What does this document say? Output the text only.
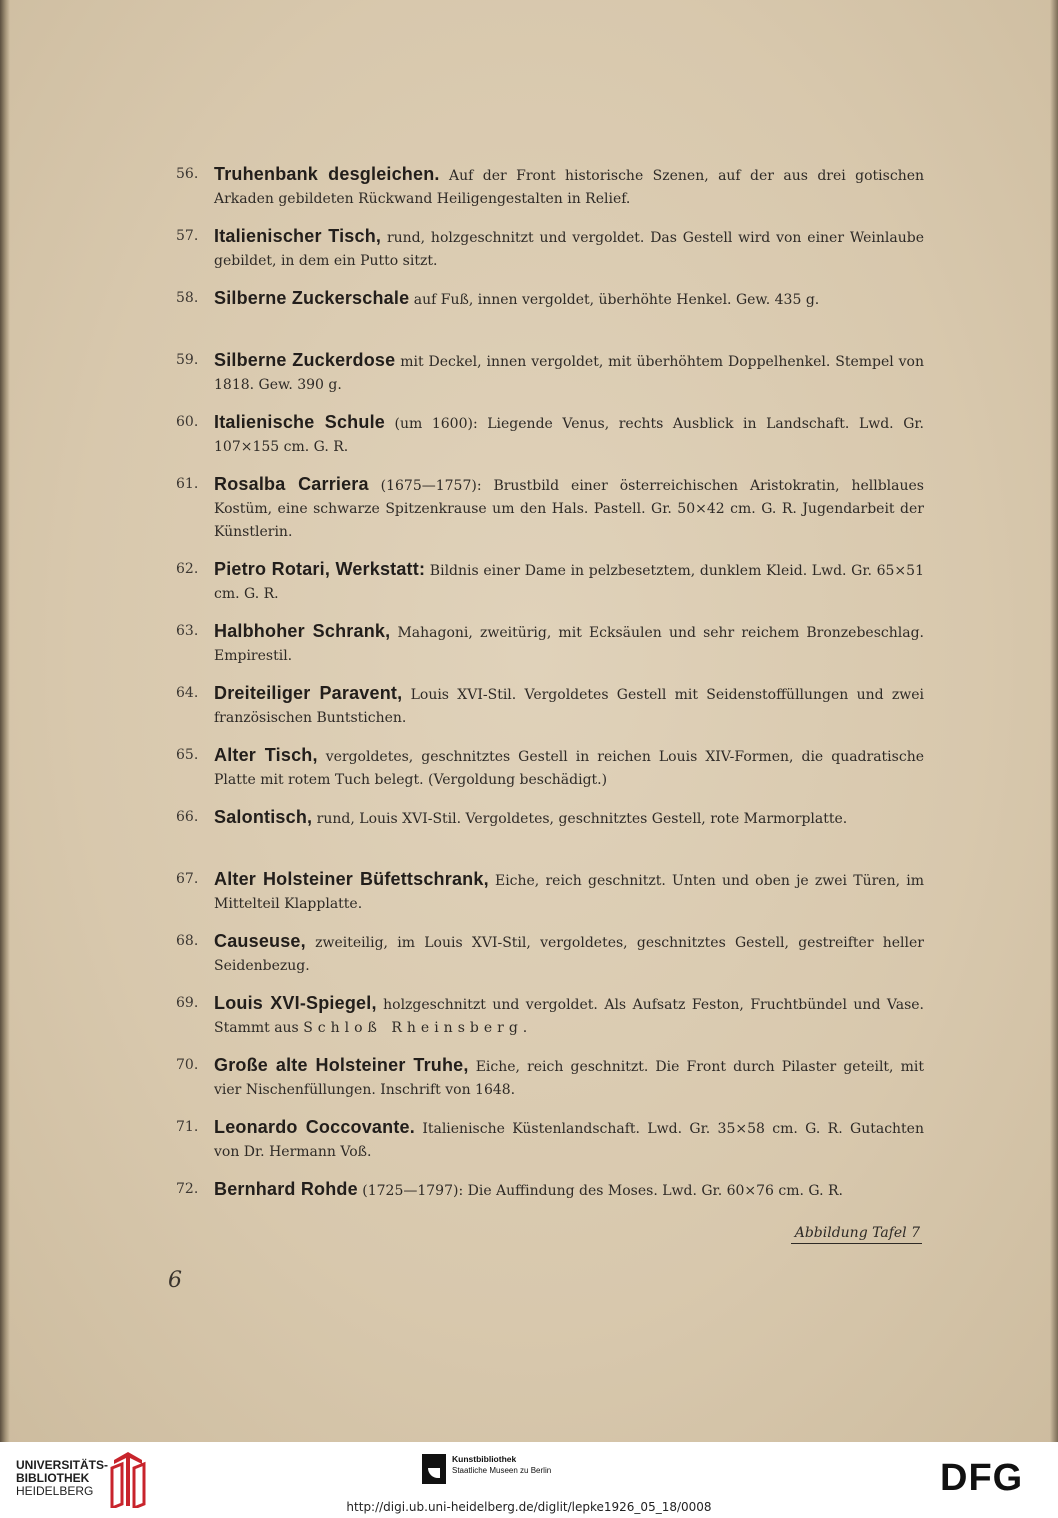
56. Truhenbank desgleichen. Auf der Front historische Szenen, auf der aus drei gotischen Arkaden gebildeten Rückwand Heiligengestalten in Relief.
57. Italienischer Tisch, rund, holzgeschnitzt und vergoldet. Das Gestell wird von einer Weinlaube gebildet, in dem ein Putto sitzt.
58. Silberne Zuckerschale auf Fuß, innen vergoldet, überhöhte Henkel. Gew. 435 g.
59. Silberne Zuckerdose mit Deckel, innen vergoldet, mit überhöhtem Doppelhenkel. Stempel von 1818. Gew. 390 g.
60. Italienische Schule (um 1600): Liegende Venus, rechts Ausblick in Landschaft. Lwd. Gr. 107×155 cm. G. R.
61. Rosalba Carriera (1675—1757): Brustbild einer österreichischen Aristokratin, hellblaues Kostüm, eine schwarze Spitzenkrause um den Hals. Pastell. Gr. 50×42 cm. G. R. Jugendarbeit der Künstlerin.
62. Pietro Rotari, Werkstatt: Bildnis einer Dame in pelzbesetztem, dunklem Kleid. Lwd. Gr. 65×51 cm. G. R.
63. Halbhoher Schrank, Mahagoni, zweitürig, mit Ecksäulen und sehr reichem Bronzebeschlag. Empirestil.
64. Dreiteiliger Paravent, Louis XVI-Stil. Vergoldetes Gestell mit Seidenstoffüllungen und zwei französischen Buntstichen.
65. Alter Tisch, vergoldetes, geschnitztes Gestell in reichen Louis XIV-Formen, die quadratische Platte mit rotem Tuch belegt. (Vergoldung beschädigt.)
66. Salontisch, rund, Louis XVI-Stil. Vergoldetes, geschnitztes Gestell, rote Marmorplatte.
67. Alter Holsteiner Büfettschrank, Eiche, reich geschnitzt. Unten und oben je zwei Türen, im Mittelteil Klapplatte.
68. Causeuse, zweiteilig, im Louis XVI-Stil, vergoldetes, geschnitztes Gestell, gestreifter heller Seidenbezug.
69. Louis XVI-Spiegel, holzgeschnitzt und vergoldet. Als Aufsatz Feston, Fruchtbündel und Vase. Stammt aus Schloß Rheinsberg.
70. Große alte Holsteiner Truhe, Eiche, reich geschnitzt. Die Front durch Pilaster geteilt, mit vier Nischenfüllungen. Inschrift von 1648.
71. Leonardo Coccovante. Italienische Küstenlandschaft. Lwd. Gr. 35×58 cm. G. R. Gutachten von Dr. Hermann Voß.
72. Bernhard Rohde (1725—1797): Die Auffindung des Moses. Lwd. Gr. 60×76 cm. G. R.
Abbildung Tafel 7
6
UNIVERSITÄTS-
BIBLIOTHEK
HEIDELBERG
Kunstbibliothek
Staatliche Museen zu Berlin	DFG
http://digi.ub.uni-heidelberg.de/diglit/lepke1926_05_18/0008
